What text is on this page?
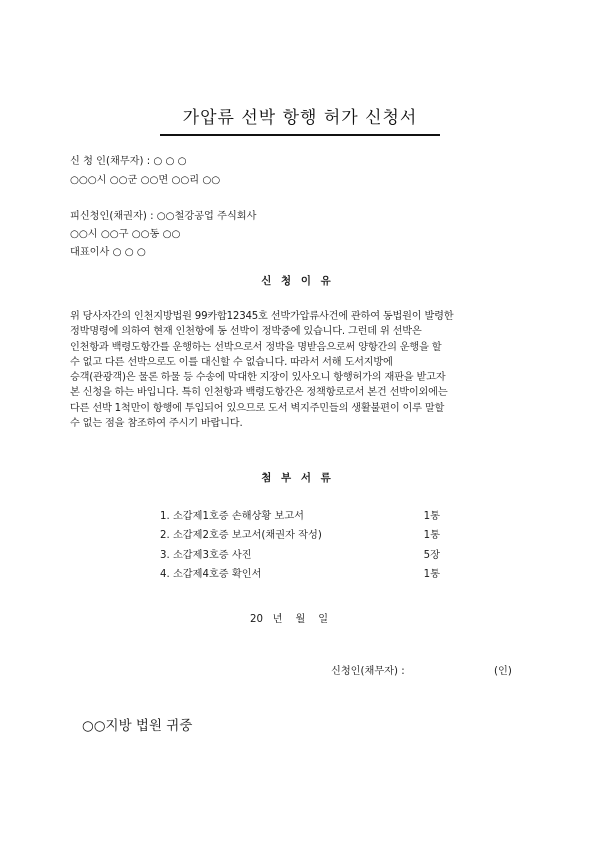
가압류 선박 항행 허가 신청서
신 청 인(채무자) : ○ ○ ○
○○○시 ○○군 ○○면 ○○리 ○○
피신청인(채권자) : ○○철강공업 주식회사
○○시 ○○구 ○○동 ○○
대표이사 ○ ○ ○
신 청 이 유
위 당사자간의 인천지방법원 99카합12345호 선박가압류사건에 관하여 동법원이 발령한
정박명령에 의하여 현재 인천항에 동 선박이 정박중에 있습니다. 그런데 위 선박은
인천항과 백령도항간를 운행하는 선박으로서 정박을 명받음으로써 양항간의 운행을 할
수 없고 다른 선박으로도 이를 대신할 수 없습니다. 따라서 서해 도서지방에
승객(관광객)은 물론 하물 등 수송에 막대한 지장이 있사오니 항행허가의 재판을 받고자
본 신청을 하는 바입니다. 특히 인천항과 백령도항간은 정책항로로서 본건 선박이외에는
다른 선박 1척만이 항행에 투입되어 있으므로 도서 벽지주민들의 생활불편이 이루 말할
수 없는 점을 참조하여 주시기 바랍니다.
첨 부 서 류
1. 소갑제1호증 손해상황 보고서	1통
2. 소갑제2호증 보고서(채권자 작성)	1통
3. 소갑제3호증 사진	5장
4. 소갑제4호증 확인서	1통
20   년    월    일
신청인(채무자) :	(인)
○○지방 법원 귀중
